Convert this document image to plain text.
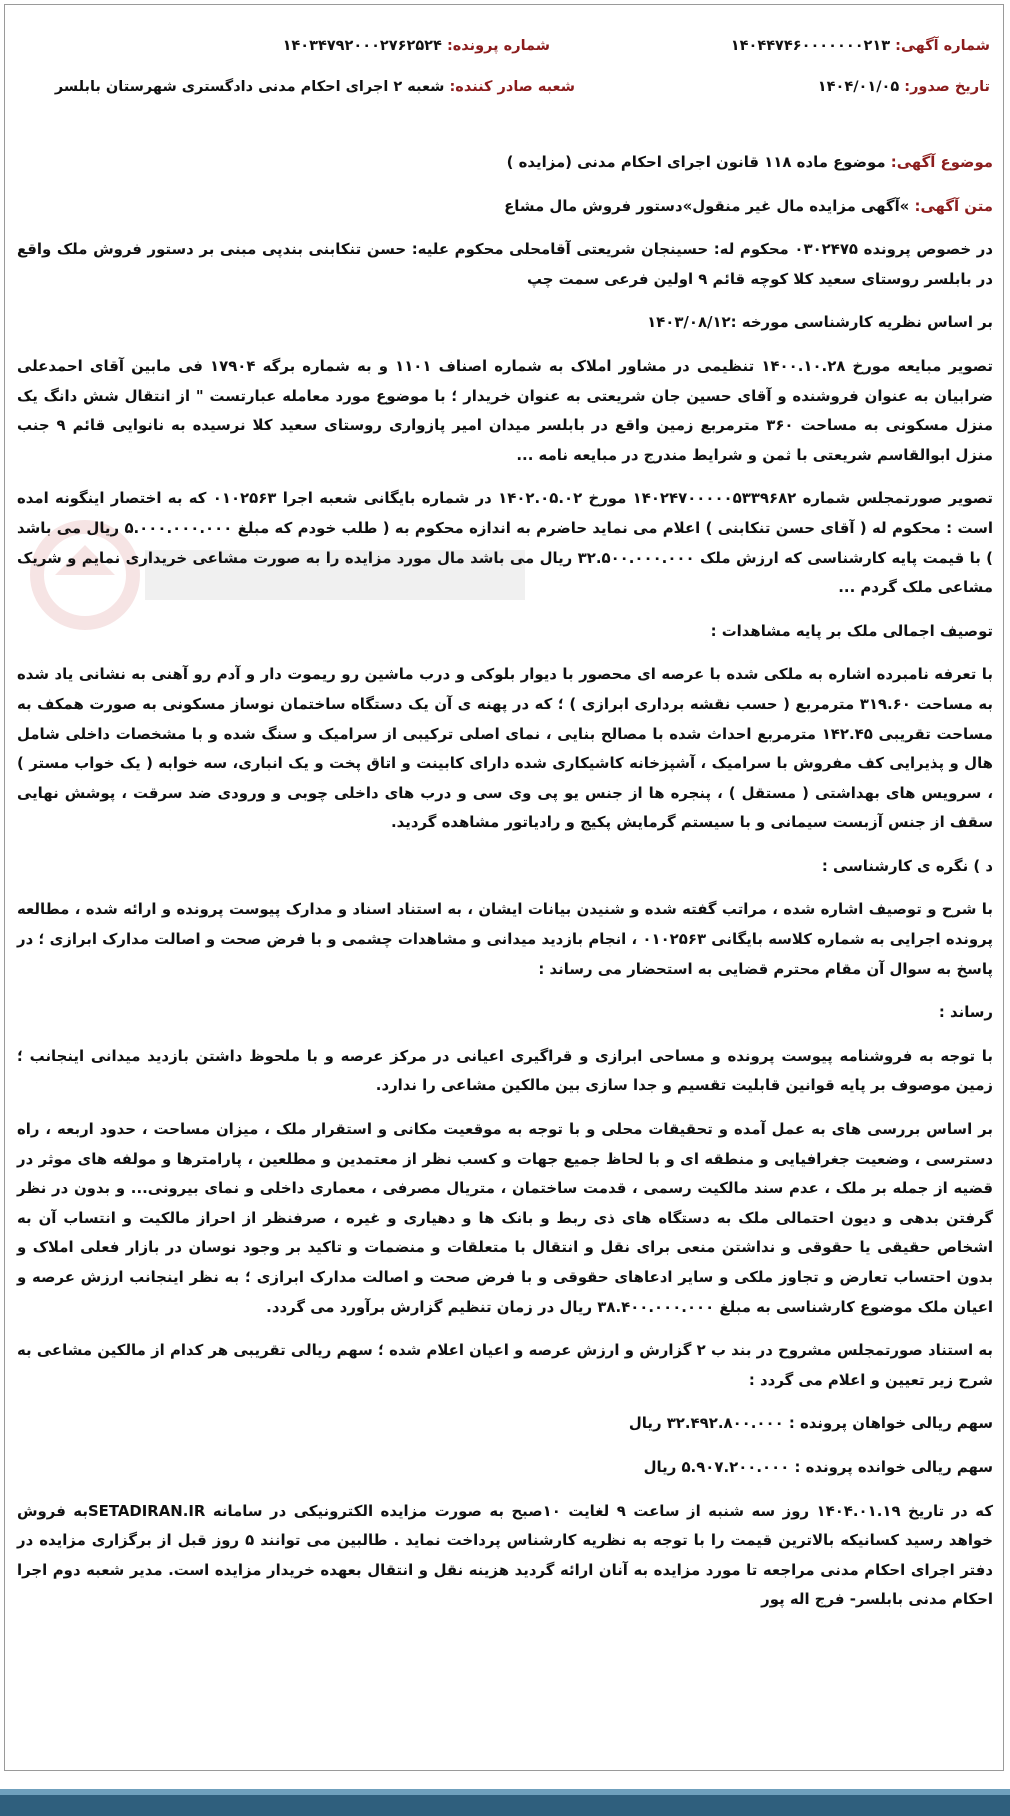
شماره آگهی: ۱۴۰۴۴۷۴۶۰۰۰۰۰۰۰۲۱۳
تاریخ صدور: ۱۴۰۴/۰۱/۰۵
شماره پرونده: ۱۴۰۳۴۷۹۲۰۰۰۲۷۶۲۵۲۴
شعبه صادر کننده: شعبه ۲ اجرای احکام مدنی دادگستری شهرستان بابلسر
موضوع آگهی: موضوع ماده ۱۱۸ قانون اجرای احکام مدنی (مزایده )
متن آگهی: »آگهی مزایده مال غیر منقول»دستور فروش مال مشاع

در خصوص پرونده ۰۳۰۲۴۷۵ محکوم له: حسینجان شریعتی آقامحلی محکوم علیه: حسن تنکابنی بندپی مبنی بر دستور فروش ملک واقع در بابلسر روستای سعید کلا کوچه قائم ۹ اولین فرعی سمت چپ

بر اساس نظریه کارشناسی مورخه :۱۴۰۳/۰۸/۱۲

تصویر مبایعه مورخ ۱۴۰۰.۱۰.۲۸ تنظیمی در مشاور املاک به شماره اصناف ۱۱۰۱ و به شماره برگه ۱۷۹۰۴ فی مابین آقای احمدعلی ضرابیان به عنوان فروشنده و آقای حسین جان شریعتی به عنوان خریدار ؛ با موضوع مورد معامله عبارتست " از انتقال شش دانگ یک منزل مسکونی به مساحت ۳۶۰ مترمربع زمین واقع در بابلسر میدان امیر پازواری روستای سعید کلا نرسیده به نانوایی قائم ۹ جنب منزل ابوالقاسم شریعتی با ثمن و شرایط مندرج در مبایعه نامه ...

تصویر صورتمجلس شماره ۱۴۰۲۴۷۰۰۰۰۰۵۳۳۹۶۸۲ مورخ ۱۴۰۲.۰۵.۰۲ در شماره بایگانی شعبه اجرا ۰۱۰۲۵۶۳ که به اختصار اینگونه امده است : محکوم له ( آقای حسن تنکابنی ) اعلام می نماید حاضرم به اندازه محکوم به ( طلب خودم که مبلغ ۵.۰۰۰.۰۰۰.۰۰۰ ریال می باشد ) با قیمت پایه کارشناسی که ارزش ملک ۳۲.۵۰۰.۰۰۰.۰۰۰ ریال می باشد مال مورد مزایده را به صورت مشاعی خریداری نمایم و شریک مشاعی ملک گردم ...

توصیف اجمالی ملک بر پایه مشاهدات :

با تعرفه نامبرده اشاره به ملکی شده با عرصه ای محصور با دیوار بلوکی و درب ماشین رو ریموت دار و آدم رو آهنی به نشانی یاد شده به مساحت ۳۱۹.۶۰ مترمربع ( حسب نقشه برداری ابرازی ) ؛ که در پهنه ی آن یک دستگاه ساختمان نوساز مسکونی به صورت همکف به مساحت تقریبی ۱۴۲.۴۵ مترمربع احداث شده با مصالح بنایی ، نمای اصلی ترکیبی از سرامیک و سنگ شده و با مشخصات داخلی شامل هال و پذیرایی کف مفروش با سرامیک ، آشپزخانه کاشیکاری شده دارای کابینت و اتاق پخت و یک انباری، سه خوابه ( یک خواب مستر ) ، سرویس های بهداشتی ( مستقل ) ، پنجره ها از جنس یو پی وی سی و درب های داخلی چوبی و ورودی ضد سرقت ، پوشش نهایی سقف از جنس آزبست سیمانی و با سیستم گرمایش پکیج و رادیاتور مشاهده گردید.

د ) نگره ی کارشناسی :

با شرح و توصیف اشاره شده ، مراتب گفته شده و شنیدن بیانات ایشان ، به استناد اسناد و مدارک پیوست پرونده و ارائه شده ، مطالعه پرونده اجرایی به شماره کلاسه بایگانی ۰۱۰۲۵۶۳ ، انجام بازدید میدانی و مشاهدات چشمی و با فرض صحت و اصالت مدارک ابرازی ؛ در پاسخ به سوال آن مقام محترم قضایی به استحضار می رساند :

رساند :

با توجه به فروشنامه پیوست پرونده و مساحی ابرازی و قراگیری اعیانی در مرکز عرصه و با ملحوظ داشتن بازدید میدانی اینجانب ؛ زمین موصوف بر پایه قوانین قابلیت تقسیم و جدا سازی بین مالکین مشاعی را ندارد.

بر اساس بررسی های به عمل آمده و تحقیقات محلی و با توجه به موقعیت مکانی و استقرار ملک ، میزان مساحت ، حدود اربعه ، راه دسترسی ، وضعیت جغرافیایی و منطقه ای و با لحاظ جمیع جهات و کسب نظر از معتمدین و مطلعین ، پارامترها و مولفه های موثر در قضیه از جمله بر ملک ، عدم سند مالکیت رسمی ، قدمت ساختمان ، متریال مصرفی ، معماری داخلی و نمای بیرونی... و بدون در نظر گرفتن بدهی و دیون احتمالی ملک به دستگاه های ذی ربط و بانک ها و دهیاری و غیره ، صرفنظر از احراز مالکیت و انتساب آن به اشخاص حقیقی یا حقوقی و نداشتن منعی برای نقل و انتقال با متعلقات و منضمات و تاکید بر وجود نوسان در بازار فعلی املاک و بدون احتساب تعارض و تجاوز ملکی و سایر ادعاهای حقوقی و با فرض صحت و اصالت مدارک ابرازی ؛ به نظر اینجانب ارزش عرصه و اعیان ملک موضوع کارشناسی به مبلغ ۳۸.۴۰۰.۰۰۰.۰۰۰ ریال در زمان تنظیم گزارش برآورد می گردد.

به استناد صورتمجلس مشروح در بند ب ۲ گزارش و ارزش عرصه و اعیان اعلام شده ؛ سهم ریالی تقریبی هر کدام از مالکین مشاعی به شرح زیر تعیین و اعلام می گردد :

سهم ریالی خواهان پرونده : ۳۲.۴۹۲.۸۰۰.۰۰۰ ریال

سهم ریالی خوانده پرونده : ۵.۹۰۷.۲۰۰.۰۰۰ ریال

که در تاریخ ۱۴۰۴.۰۱.۱۹ روز سه شنبه از ساعت ۹ لغایت ۱۰صبح به صورت مزایده الکترونیکی در سامانه SETADIRAN.IRبه فروش خواهد رسید کسانیکه بالاترین قیمت را با توجه به نظریه کارشناس پرداخت نماید . طالبین می توانند ۵ روز قبل از برگزاری مزایده در دفتر اجرای احکام مدنی مراجعه تا مورد مزایده به آنان ارائه گردید هزینه نقل و انتقال بعهده خریدار مزایده است. مدیر شعبه دوم اجرا احکام مدنی بابلسر- فرج اله پور
